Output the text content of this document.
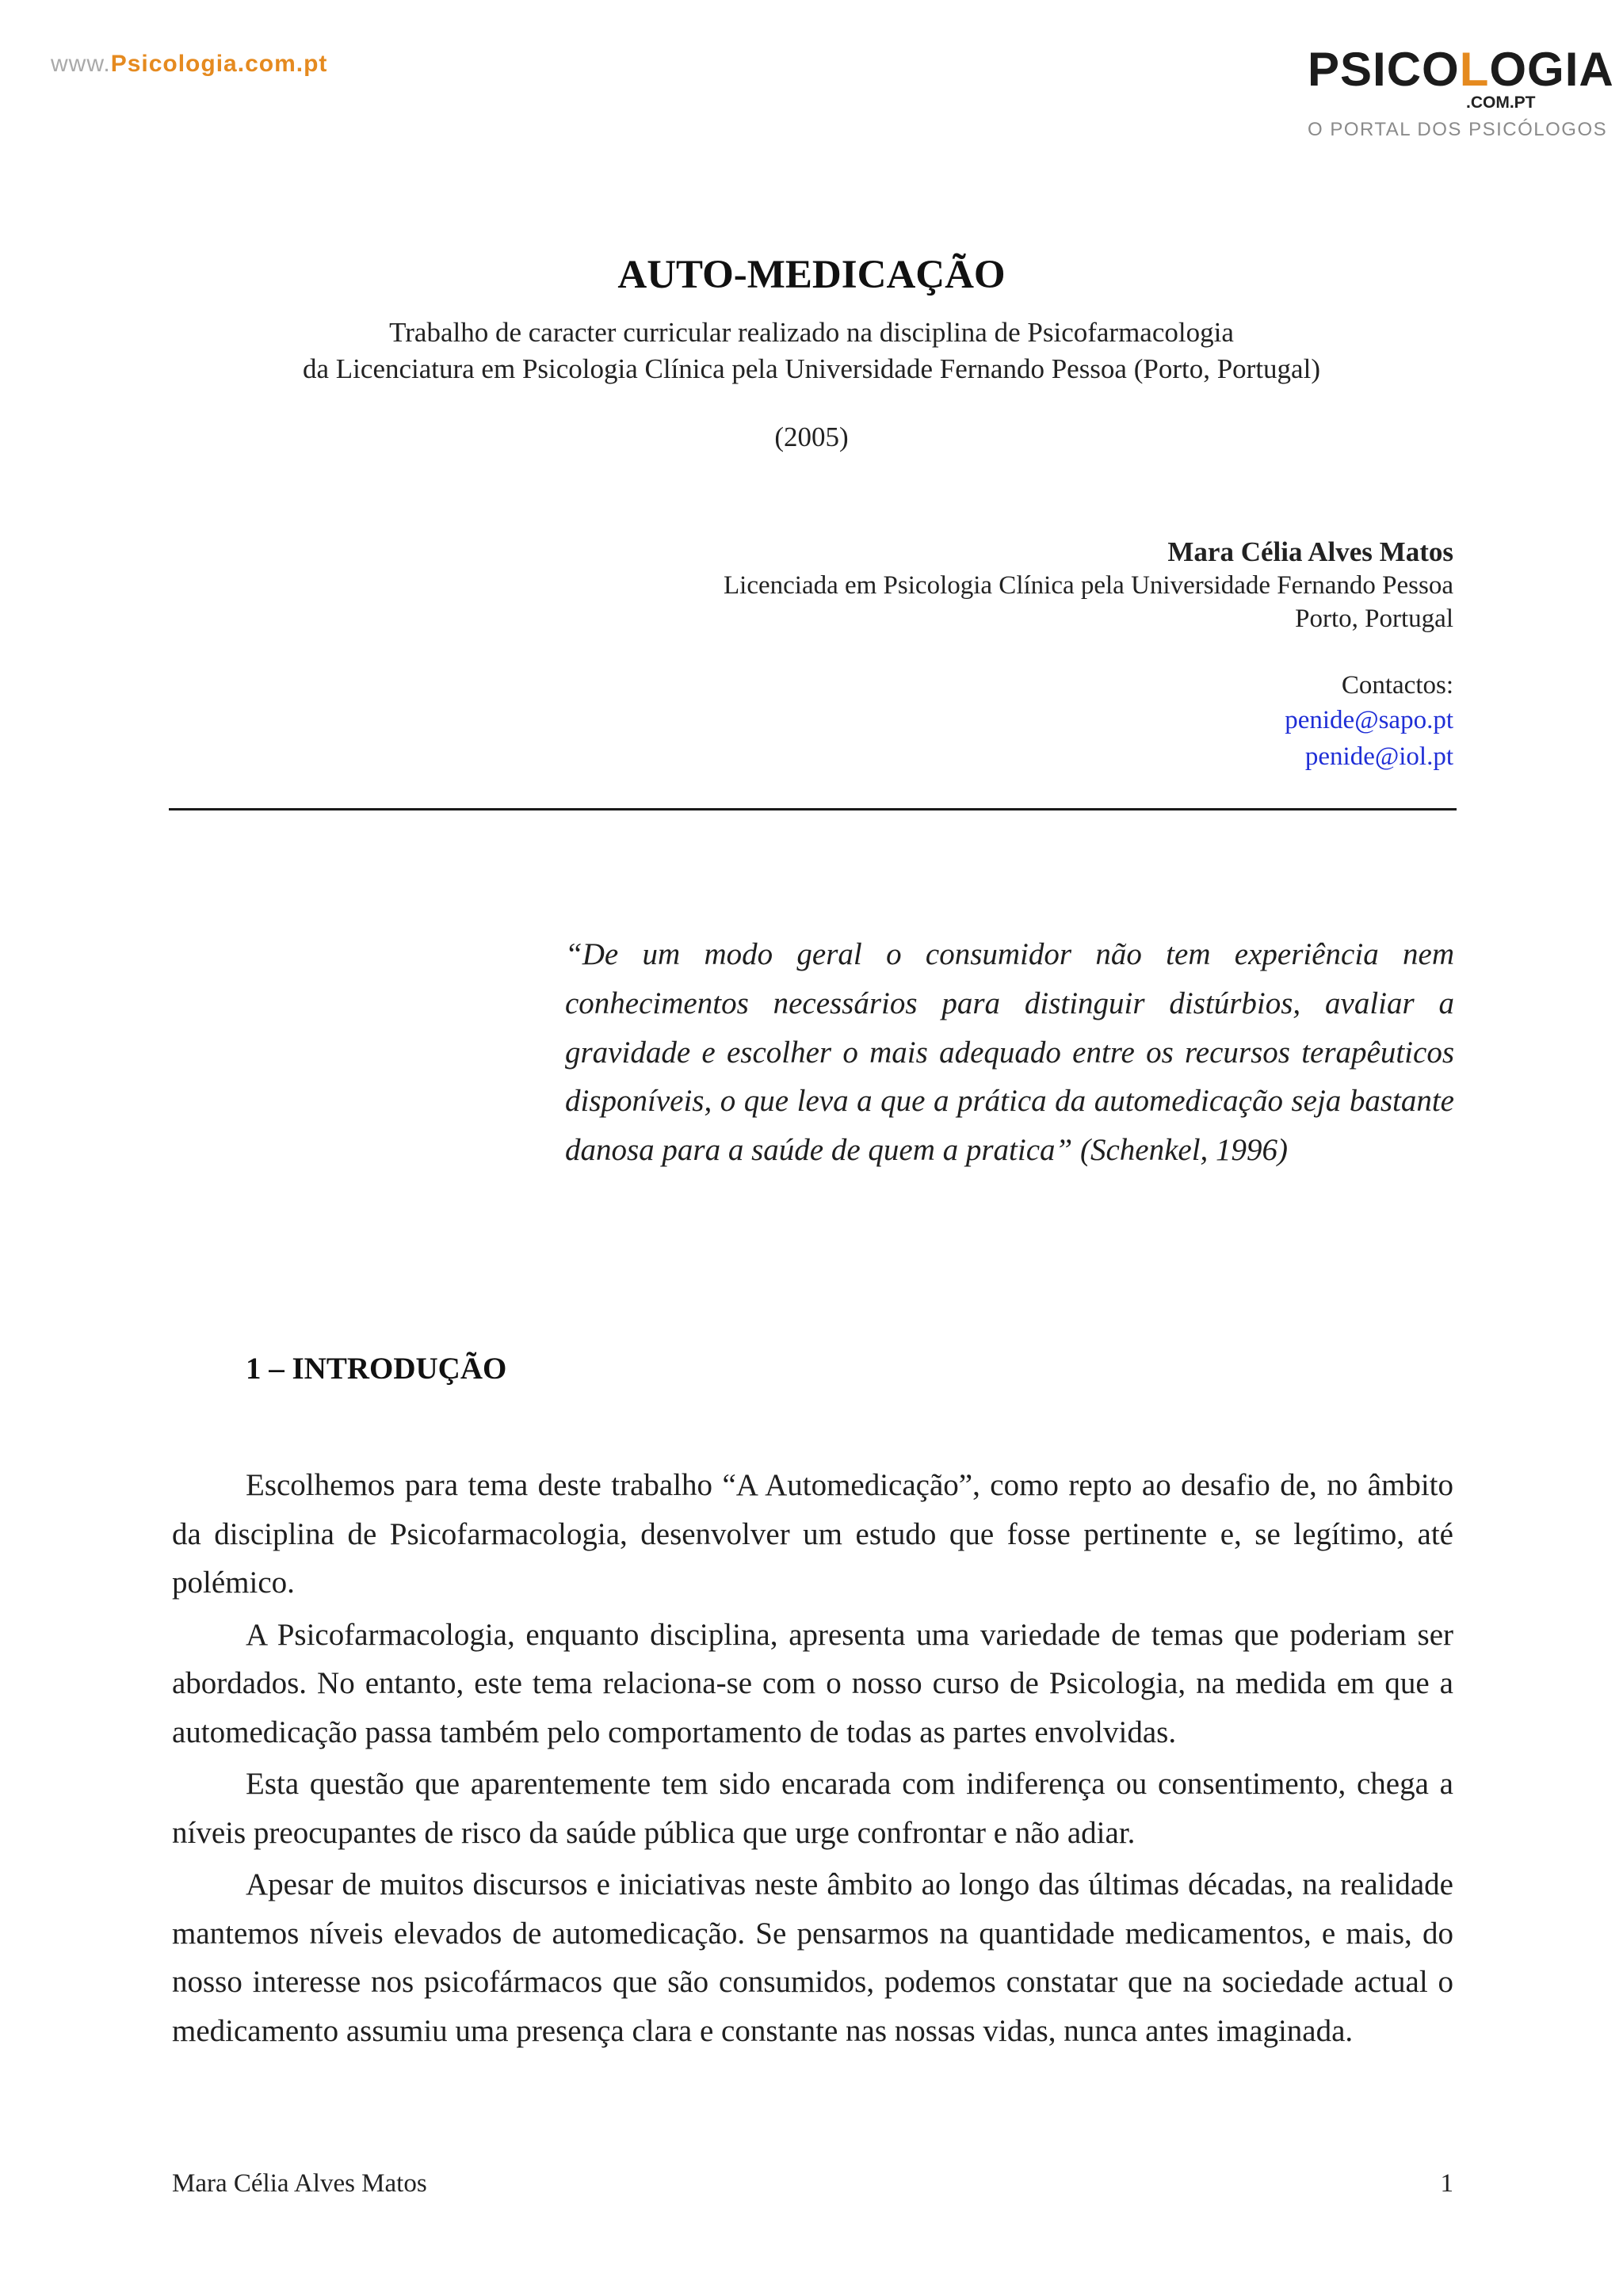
www.Psicologia.com.pt	PSICOLOGIA
.COM.PT
O PORTAL DOS PSICÓLOGOS
AUTO-MEDICAÇÃO
Trabalho de caracter curricular realizado na disciplina de Psicofarmacologia
da Licenciatura em Psicologia Clínica pela Universidade Fernando Pessoa (Porto, Portugal)
(2005)
Mara Célia Alves Matos
Licenciada em Psicologia Clínica pela Universidade Fernando Pessoa
Porto, Portugal
Contactos:
penide@sapo.pt
penide@iol.pt
“De um modo geral o consumidor não tem experiência nem conhecimentos necessários para distinguir distúrbios, avaliar a gravidade e escolher o mais adequado entre os recursos terapêuticos disponíveis, o que leva a que a prática da automedicação seja bastante danosa para a saúde de quem a pratica” (Schenkel, 1996)
1 – INTRODUÇÃO

Escolhemos para tema deste trabalho “A Automedicação”, como repto ao desafio de, no âmbito da disciplina de Psicofarmacologia, desenvolver um estudo que fosse pertinente e, se legítimo, até polémico.

A Psicofarmacologia, enquanto disciplina, apresenta uma variedade de temas que poderiam ser abordados. No entanto, este tema relaciona-se com o nosso curso de Psicologia, na medida em que a automedicação passa também pelo comportamento de todas as partes envolvidas.

Esta questão que aparentemente tem sido encarada com indiferença ou consentimento, chega a níveis preocupantes de risco da saúde pública que urge confrontar e não adiar.

Apesar de muitos discursos e iniciativas neste âmbito ao longo das últimas décadas, na realidade mantemos níveis elevados de automedicação. Se pensarmos na quantidade medicamentos, e mais, do nosso interesse nos psicofármacos que são consumidos, podemos constatar que na sociedade actual o medicamento assumiu uma presença clara e constante nas nossas vidas, nunca antes imaginada.

Mara Célia Alves Matos	1
